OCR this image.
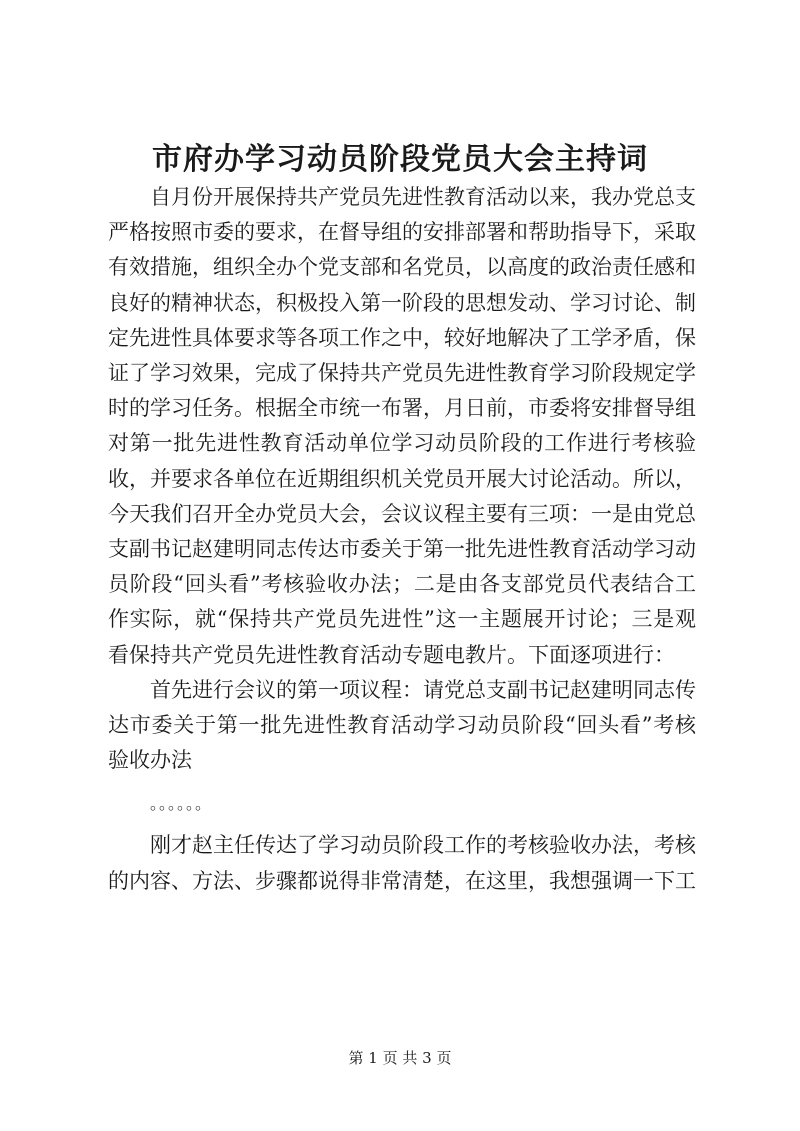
市府办学习动员阶段党员大会主持词

自月份开展保持共产党员先进性教育活动以来，我办党总支严格按照市委的要求，在督导组的安排部署和帮助指导下，采取有效措施，组织全办个党支部和名党员，以高度的政治责任感和良好的精神状态，积极投入第一阶段的思想发动、学习讨论、制定先进性具体要求等各项工作之中，较好地解决了工学矛盾，保证了学习效果，完成了保持共产党员先进性教育学习阶段规定学时的学习任务。根据全市统一布署，月日前，市委将安排督导组对第一批先进性教育活动单位学习动员阶段的工作进行考核验收，并要求各单位在近期组织机关党员开展大讨论活动。所以，今天我们召开全办党员大会，会议议程主要有三项：一是由党总支副书记赵建明同志传达市委关于第一批先进性教育活动学习动员阶段“回头看”考核验收办法；二是由各支部党员代表结合工作实际，就“保持共产党员先进性”这一主题展开讨论；三是观看保持共产党员先进性教育活动专题电教片。下面逐项进行：

首先进行会议的第一项议程：请党总支副书记赵建明同志传达市委关于第一批先进性教育活动学习动员阶段“回头看”考核验收办法

。。。。。。

刚才赵主任传达了学习动员阶段工作的考核验收办法，考核的内容、方法、步骤都说得非常清楚，在这里，我想强调一下工

第 1 页 共 3 页
